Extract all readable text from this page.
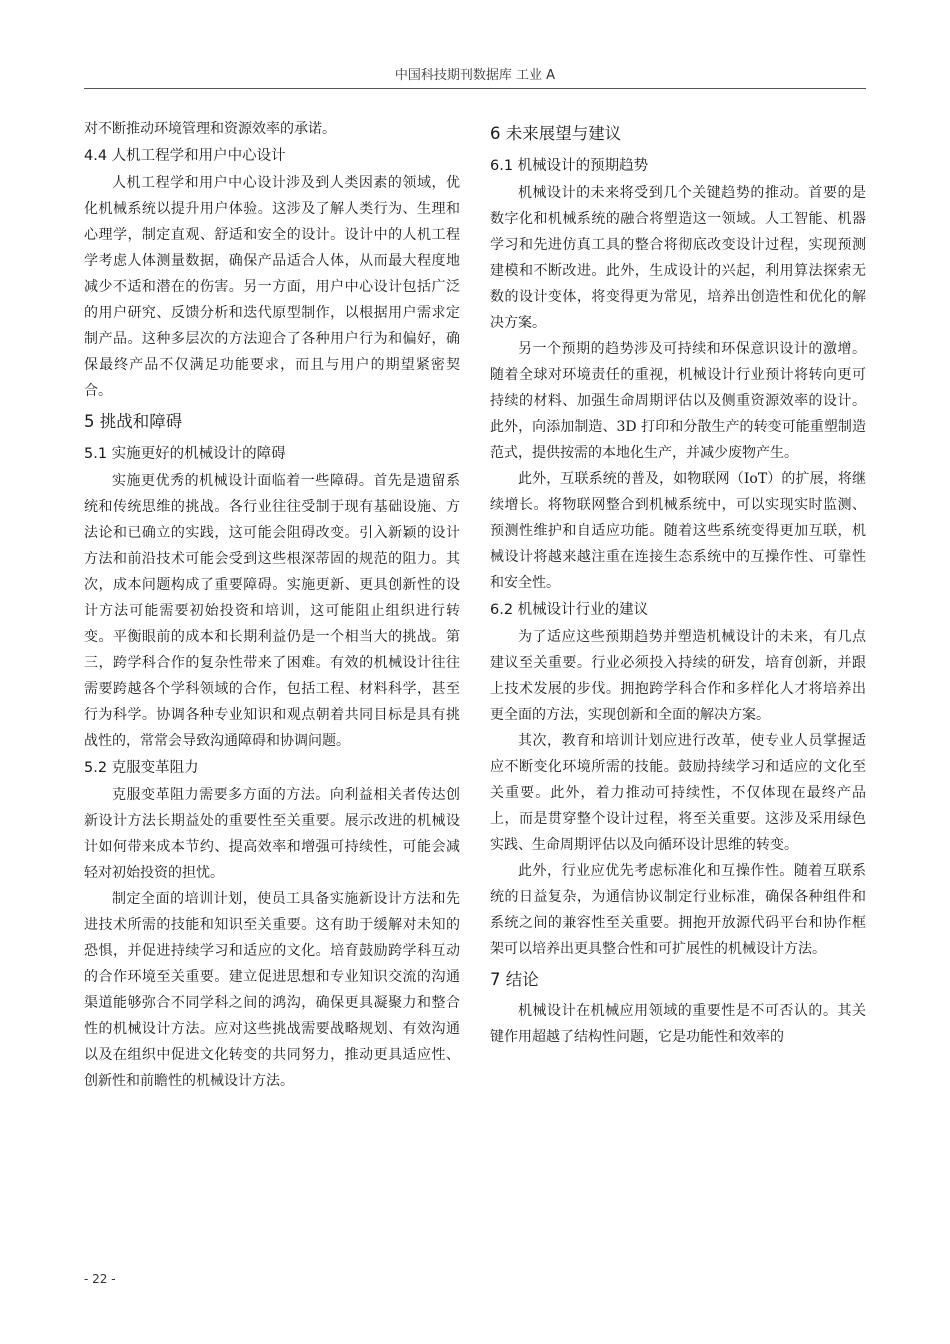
中国科技期刊数据库 工业 A

对不断推动环境管理和资源效率的承诺。

4.4 人机工程学和用户中心设计

人机工程学和用户中心设计涉及到人类因素的领域，优化机械系统以提升用户体验。这涉及了解人类行为、生理和心理学，制定直观、舒适和安全的设计。设计中的人机工程学考虑人体测量数据，确保产品适合人体，从而最大程度地减少不适和潜在的伤害。另一方面，用户中心设计包括广泛的用户研究、反馈分析和迭代原型制作，以根据用户需求定制产品。这种多层次的方法迎合了各种用户行为和偏好，确保最终产品不仅满足功能要求，而且与用户的期望紧密契合。

5 挑战和障碍
5.1 实施更好的机械设计的障碍

实施更优秀的机械设计面临着一些障碍。首先是遗留系统和传统思维的挑战。各行业往往受制于现有基础设施、方法论和已确立的实践，这可能会阻碍改变。引入新颖的设计方法和前沿技术可能会受到这些根深蒂固的规范的阻力。其次，成本问题构成了重要障碍。实施更新、更具创新性的设计方法可能需要初始投资和培训，这可能阻止组织进行转变。平衡眼前的成本和长期利益仍是一个相当大的挑战。第三，跨学科合作的复杂性带来了困难。有效的机械设计往往需要跨越各个学科领域的合作，包括工程、材料科学，甚至行为科学。协调各种专业知识和观点朝着共同目标是具有挑战性的，常常会导致沟通障碍和协调问题。

5.2 克服变革阻力

克服变革阻力需要多方面的方法。向利益相关者传达创新设计方法长期益处的重要性至关重要。展示改进的机械设计如何带来成本节约、提高效率和增强可持续性，可能会减轻对初始投资的担忧。

制定全面的培训计划，使员工具备实施新设计方法和先进技术所需的技能和知识至关重要。这有助于缓解对未知的恐惧，并促进持续学习和适应的文化。培育鼓励跨学科互动的合作环境至关重要。建立促进思想和专业知识交流的沟通渠道能够弥合不同学科之间的鸿沟，确保更具凝聚力和整合性的机械设计方法。应对这些挑战需要战略规划、有效沟通以及在组织中促进文化转变的共同努力，推动更具适应性、创新性和前瞻性的机械设计方法。

6 未来展望与建议
6.1 机械设计的预期趋势

机械设计的未来将受到几个关键趋势的推动。首要的是数字化和机械系统的融合将塑造这一领域。人工智能、机器学习和先进仿真工具的整合将彻底改变设计过程，实现预测建模和不断改进。此外，生成设计的兴起，利用算法探索无数的设计变体，将变得更为常见，培养出创造性和优化的解决方案。

另一个预期的趋势涉及可持续和环保意识设计的激增。随着全球对环境责任的重视，机械设计行业预计将转向更可持续的材料、加强生命周期评估以及侧重资源效率的设计。此外，向添加制造、3D 打印和分散生产的转变可能重塑制造范式，提供按需的本地化生产，并减少废物产生。

此外，互联系统的普及，如物联网（IoT）的扩展，将继续增长。将物联网整合到机械系统中，可以实现实时监测、预测性维护和自适应功能。随着这些系统变得更加互联，机械设计将越来越注重在连接生态系统中的互操作性、可靠性和安全性。

6.2 机械设计行业的建议

为了适应这些预期趋势并塑造机械设计的未来，有几点建议至关重要。行业必须投入持续的研发，培育创新，并跟上技术发展的步伐。拥抱跨学科合作和多样化人才将培养出更全面的方法，实现创新和全面的解决方案。

其次，教育和培训计划应进行改革，使专业人员掌握适应不断变化环境所需的技能。鼓励持续学习和适应的文化至关重要。此外，着力推动可持续性，不仅体现在最终产品上，而是贯穿整个设计过程，将至关重要。这涉及采用绿色实践、生命周期评估以及向循环设计思维的转变。

此外，行业应优先考虑标准化和互操作性。随着互联系统的日益复杂，为通信协议制定行业标准，确保各种组件和系统之间的兼容性至关重要。拥抱开放源代码平台和协作框架可以培养出更具整合性和可扩展性的机械设计方法。

7 结论

机械设计在机械应用领域的重要性是不可否认的。其关键作用超越了结构性问题，它是功能性和效率的

- 22 -
